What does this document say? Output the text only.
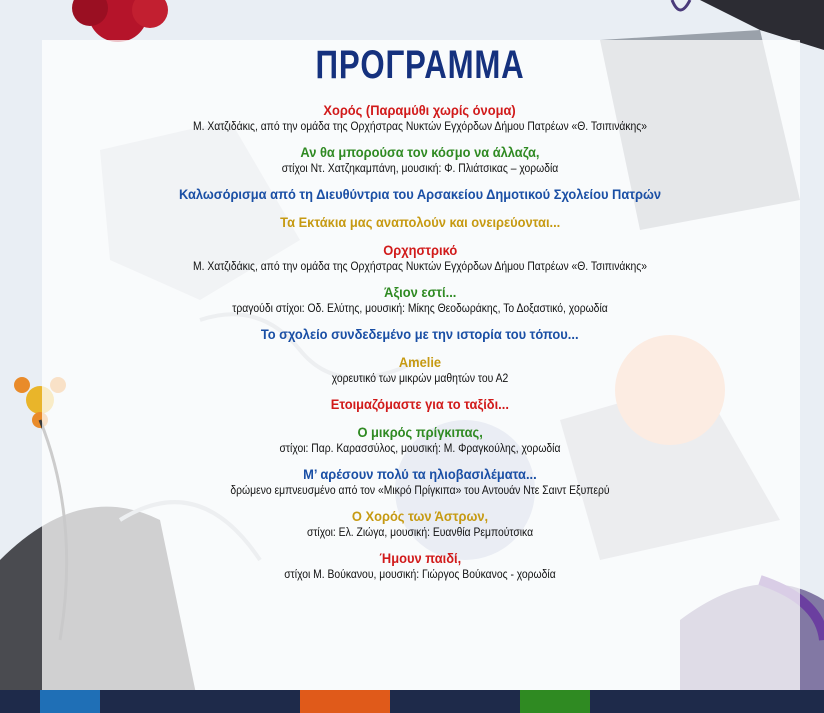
ΠΡΟΓΡΑΜΜΑ
Χορός (Παραμύθι χωρίς όνομα)
Μ. Χατζιδάκις, από την ομάδα της Ορχήστρας Νυκτών Εγχόρδων Δήμου Πατρέων «Θ. Τσιπινάκης»
Αν θα μπορούσα τον κόσμο να άλλαζα,
στίχοι Ντ. Χατζηκαμπάνη, μουσική: Φ. Πλιάτσικας – χορωδία
Καλωσόρισμα από τη Διευθύντρια του Αρσακείου Δημοτικού Σχολείου Πατρών
Τα Εκτάκια μας αναπολούν και ονειρεύονται...
Ορχηστρικό
Μ. Χατζιδάκις, από την ομάδα της Ορχήστρας Νυκτών Εγχόρδων Δήμου Πατρέων «Θ. Τσιπινάκης»
Άξιον εστί...
τραγούδι στίχοι: Οδ. Ελύτης, μουσική: Μίκης Θεοδωράκης, Το Δοξαστικό, χορωδία
Το σχολείο συνδεδεμένο με την ιστορία του τόπου...
Amelie
χορευτικό των μικρών μαθητών του Α2
Ετοιμαζόμαστε για το ταξίδι...
Ο μικρός πρίγκιπας,
στίχοι: Παρ. Καρασσύλος, μουσική: Μ. Φραγκούλης, χορωδία
Μ’ αρέσουν πολύ τα ηλιοβασιλέματα...
δρώμενο εμπνευσμένο από τον «Μικρό Πρίγκιπα» του Αντουάν Ντε Σαιντ Εξυπερύ
Ο Χορός των Άστρων,
στίχοι: Ελ. Ζιώγα, μουσική: Ευανθία Ρεμπούτσικα
Ήμουν παιδί,
στίχοι Μ. Βούκανου, μουσική: Γιώργος Βούκανος - χορωδία
